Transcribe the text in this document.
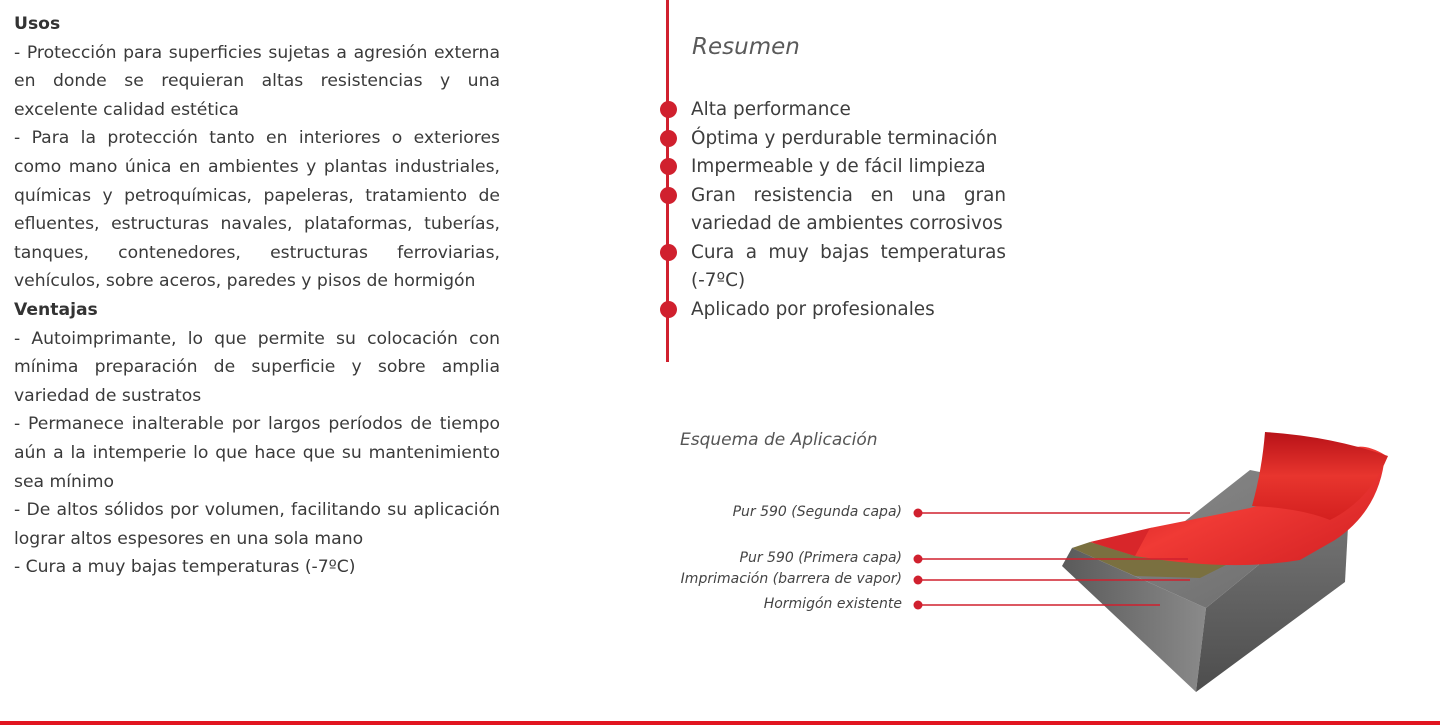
Usos
- Protección para superficies sujetas a agresión externa en donde se requieran altas resistencias y una excelente calidad estética
- Para la protección tanto en interiores o exteriores como mano única en ambientes y plantas industriales, químicas y petroquímicas, papeleras, tratamiento de efluentes, estructuras navales, plataformas, tuberías, tanques, contenedores, estructuras ferroviarias, vehículos, sobre aceros, paredes y pisos de hormigón
Ventajas
- Autoimprimante, lo que permite su colocación con mínima preparación de superficie y sobre amplia variedad de sustratos
- Permanece inalterable por largos períodos de tiempo aún a la intemperie lo que hace que su mantenimiento sea mínimo
- De altos sólidos por volumen, facilitando su aplicación lograr altos espesores en una sola mano
- Cura a muy bajas temperaturas (-7ºC)
Resumen
Alta performance
Óptima y perdurable terminación
Impermeable y de fácil limpieza
Gran resistencia en una gran variedad de ambientes corrosivos
Cura a muy bajas temperaturas (-7ºC)
Aplicado por profesionales
Esquema de Aplicación
Pur 590 (Segunda capa)
Pur 590 (Primera capa)
Imprimación (barrera de vapor)
Hormigón existente
